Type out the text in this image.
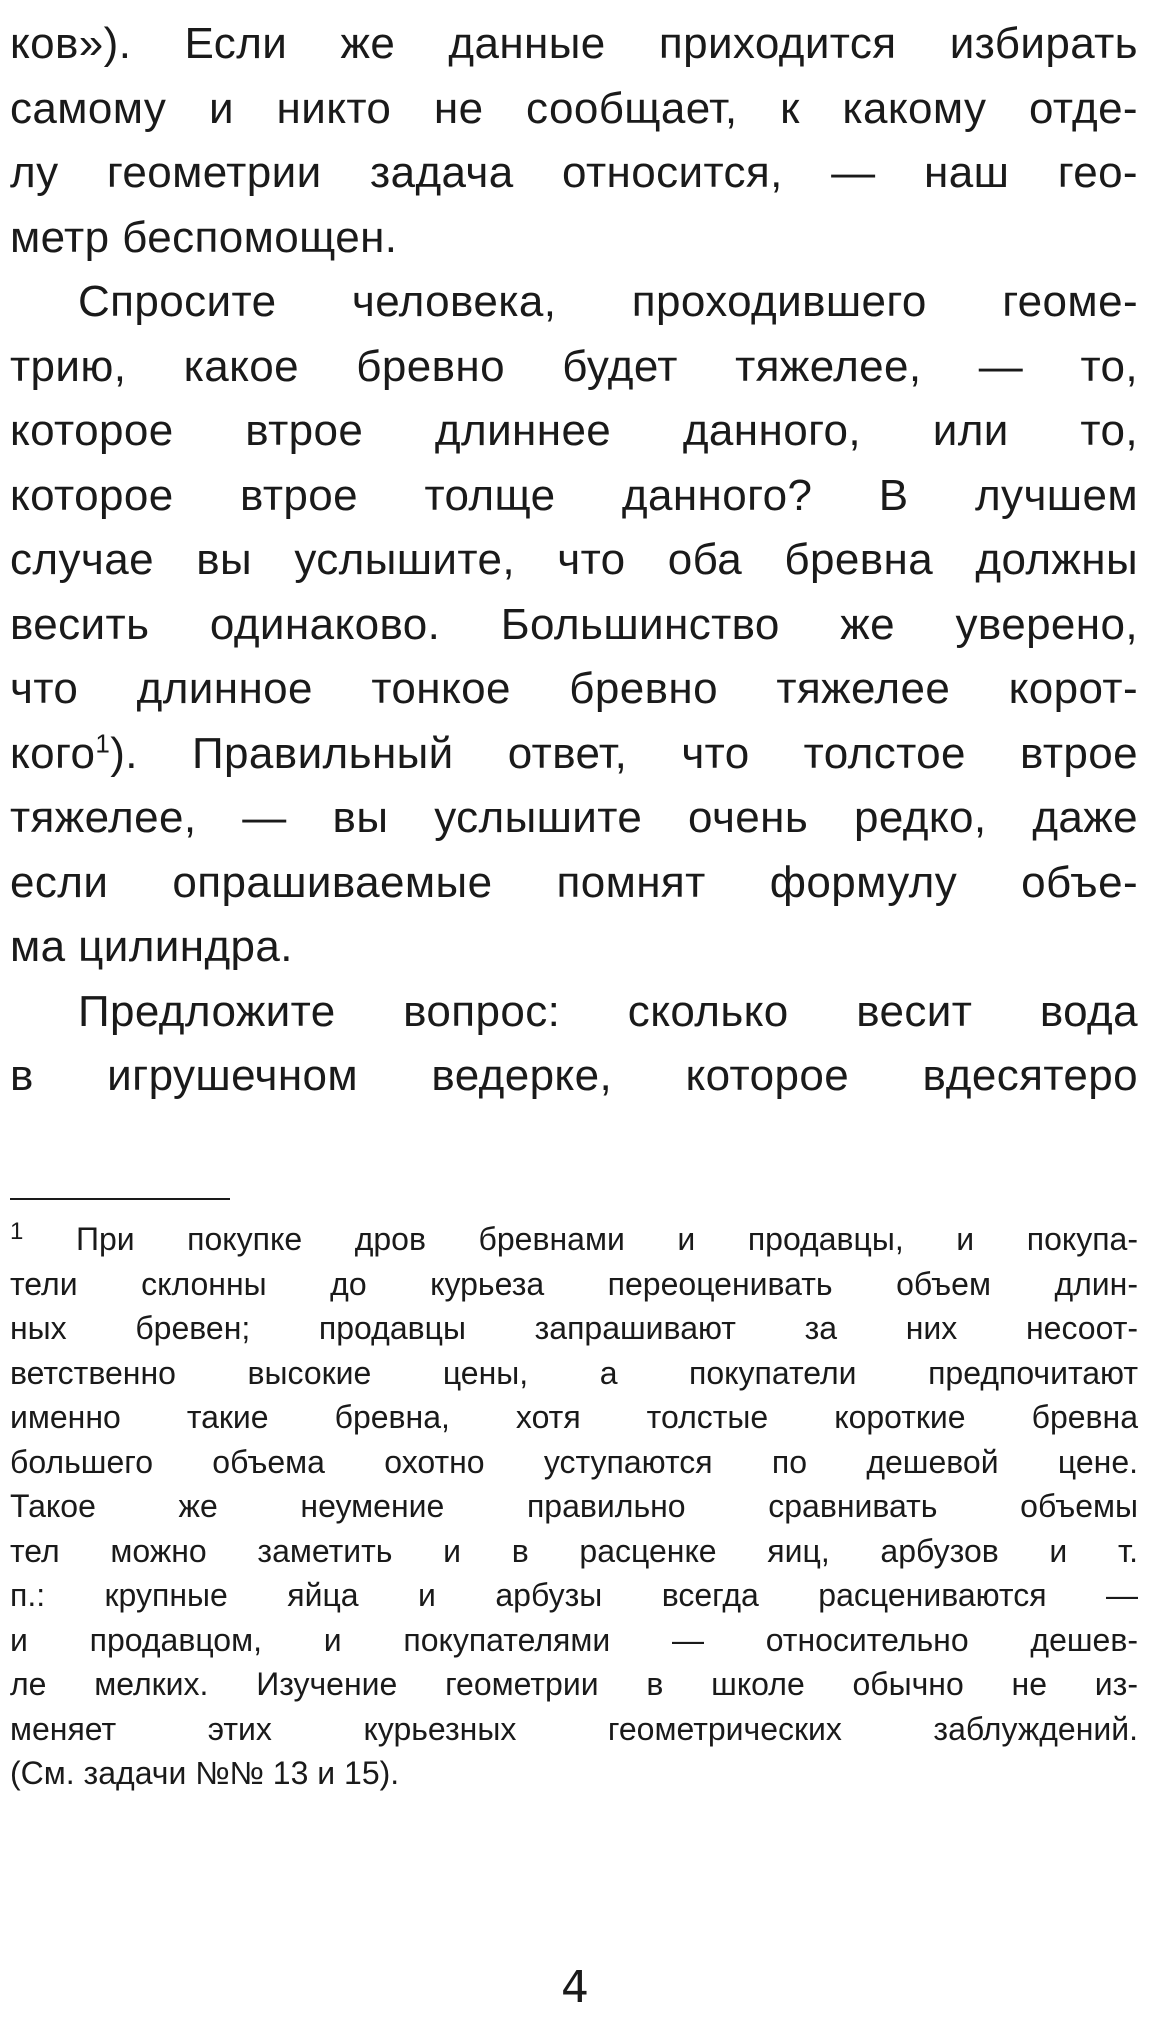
ков»). Если же данные приходится избирать
самому и никто не сообщает, к какому отде-
лу геометрии задача относится, — наш гео-
метр беспомощен.
Спросите человека, проходившего геоме-
трию, какое бревно будет тяжелее, — то,
которое втрое длиннее данного, или то,
которое втрое толще данного? В лучшем
случае вы услышите, что оба бревна должны
весить одинаково. Большинство же уверено,
что длинное тонкое бревно тяжелее корот-
кого$^1$). Правильный ответ, что толстое втрое
тяжелее, — вы услышите очень редко, даже
если опрашиваемые помнят формулу объе-
ма цилиндра.
Предложите вопрос: сколько весит вода
в игрушечном ведерке, которое вдесятеро
$^1$ При покупке дров бревнами и продавцы, и покупа-
тели склонны до курьеза переоценивать объем длин-
ных бревен; продавцы запрашивают за них несоот-
ветственно высокие цены, а покупатели предпочитают
именно такие бревна, хотя толстые короткие бревна
большего объема охотно уступаются по дешевой цене.
Такое же неумение правильно сравнивать объемы
тел можно заметить и в расценке яиц, арбузов и т.
п.: крупные яйца и арбузы всегда расцениваются —
и продавцом, и покупателями — относительно дешев-
ле мелких. Изучение геометрии в школе обычно не из-
меняет этих курьезных геометрических заблуждений.
(См. задачи №№ 13 и 15).
4
